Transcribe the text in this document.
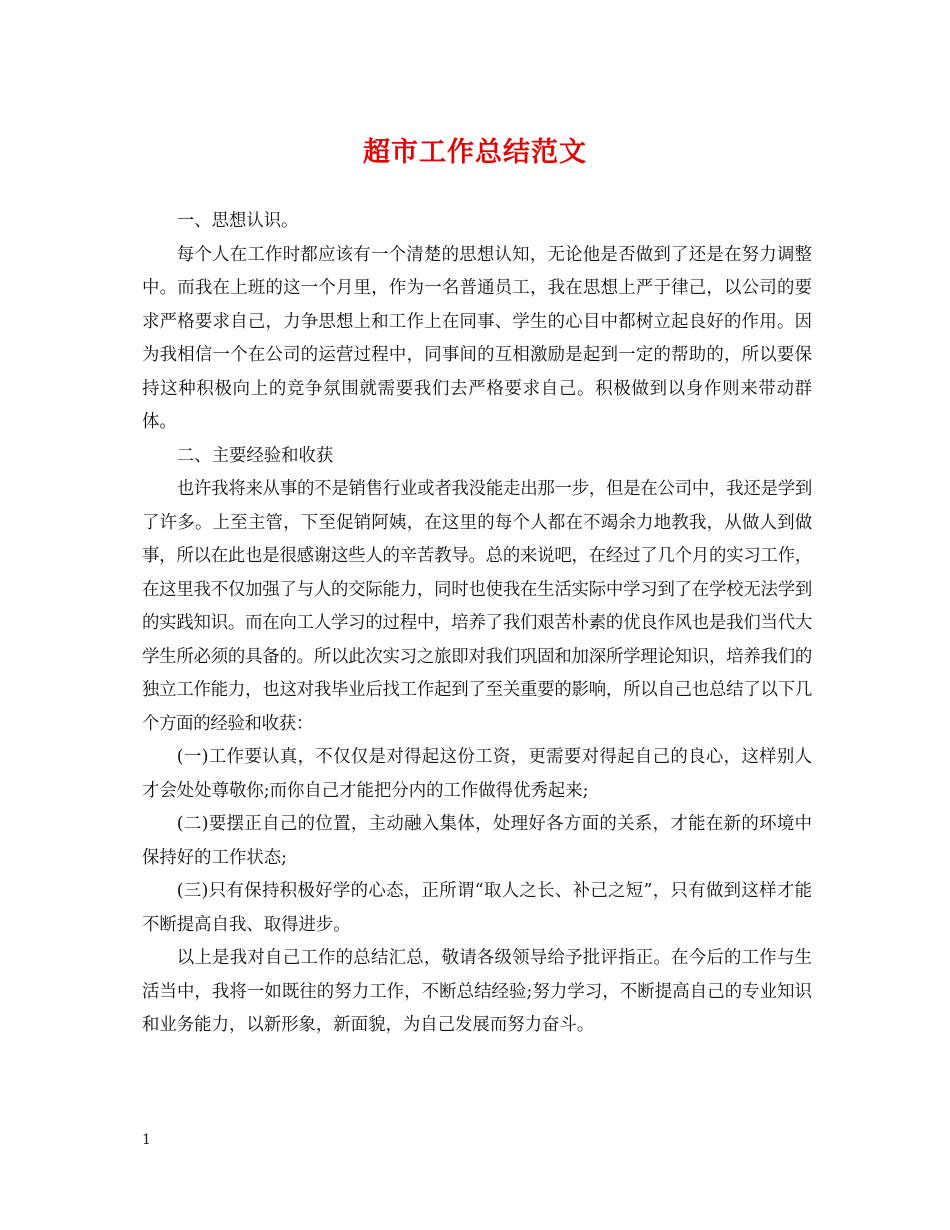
超市工作总结范文

一、思想认识。

每个人在工作时都应该有一个清楚的思想认知，无论他是否做到了还是在努力调整中。而我在上班的这一个月里，作为一名普通员工，我在思想上严于律己，以公司的要求严格要求自己，力争思想上和工作上在同事、学生的心目中都树立起良好的作用。因为我相信一个在公司的运营过程中，同事间的互相激励是起到一定的帮助的，所以要保持这种积极向上的竞争氛围就需要我们去严格要求自己。积极做到以身作则来带动群体。

二、主要经验和收获

也许我将来从事的不是销售行业或者我没能走出那一步，但是在公司中，我还是学到了许多。上至主管，下至促销阿姨，在这里的每个人都在不竭余力地教我，从做人到做事，所以在此也是很感谢这些人的辛苦教导。总的来说吧，在经过了几个月的实习工作，在这里我不仅加强了与人的交际能力，同时也使我在生活实际中学习到了在学校无法学到的实践知识。而在向工人学习的过程中，培养了我们艰苦朴素的优良作风也是我们当代大学生所必须的具备的。所以此次实习之旅即对我们巩固和加深所学理论知识，培养我们的独立工作能力，也这对我毕业后找工作起到了至关重要的影响，所以自己也总结了以下几个方面的经验和收获：

(一)工作要认真，不仅仅是对得起这份工资，更需要对得起自己的良心，这样别人才会处处尊敬你;而你自己才能把分内的工作做得优秀起来;

(二)要摆正自己的位置，主动融入集体，处理好各方面的关系，才能在新的环境中保持好的工作状态;

(三)只有保持积极好学的心态，正所谓“取人之长、补己之短”，只有做到这样才能不断提高自我、取得进步。

以上是我对自己工作的总结汇总，敬请各级领导给予批评指正。在今后的工作与生活当中，我将一如既往的努力工作，不断总结经验;努力学习，不断提高自己的专业知识和业务能力，以新形象，新面貌，为自己发展而努力奋斗。

1
